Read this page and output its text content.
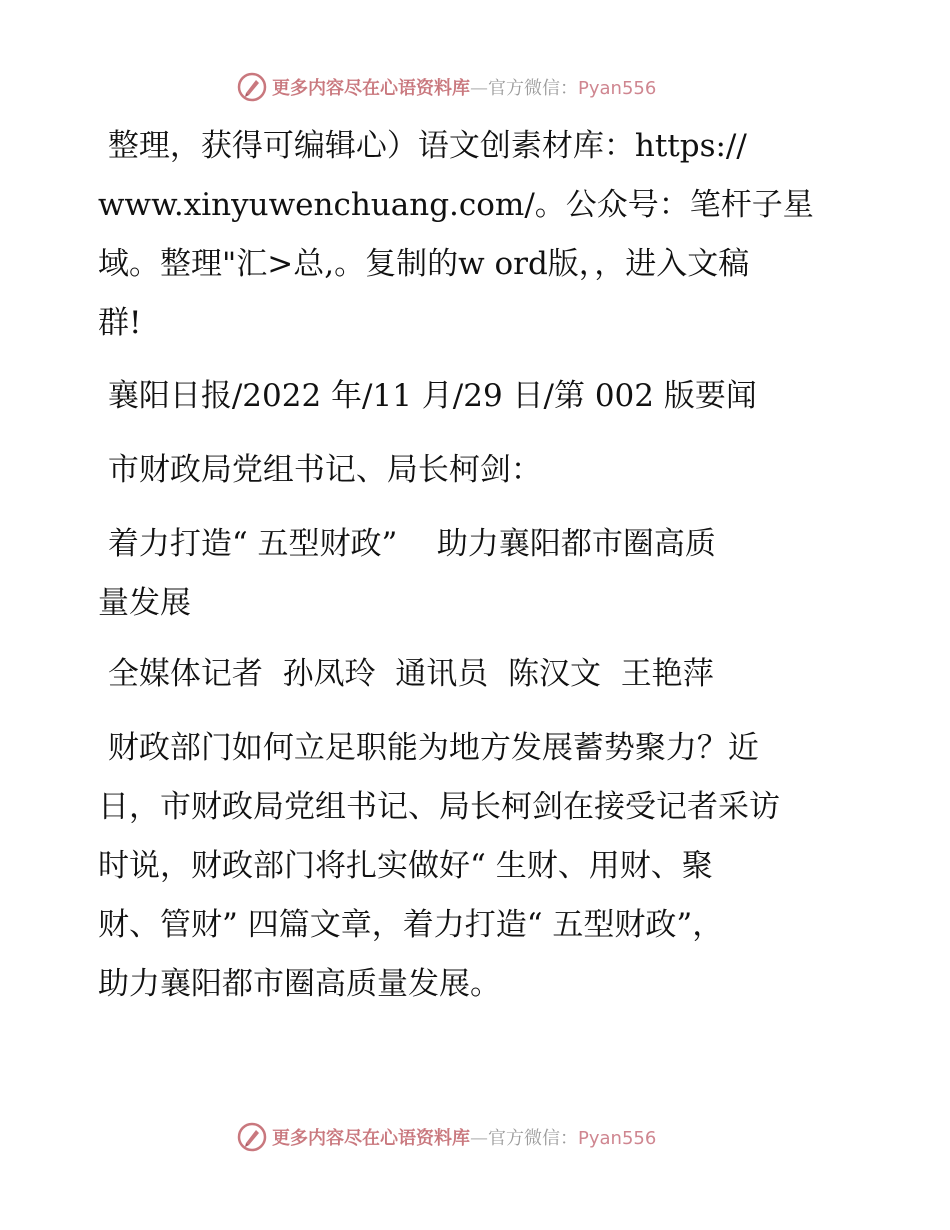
更多内容尽在心语资料库—官方微信：Pyan556

整理，获得可编辑心）语文创素材库：https://
www.xinyuwenchuang.com/。公众号：笔杆子星
域。整理"汇>总,。复制的w ord版，，进入文稿
群!

襄阳日报/2022 年/11 月/29 日/第 002 版要闻

市财政局党组书记、局长柯剑：

着力打造“ 五型财政”    助力襄阳都市圈高质
量发展

全媒体记者  孙凤玲  通讯员  陈汉文  王艳萍

财政部门如何立足职能为地方发展蓄势聚力？近
日，市财政局党组书记、局长柯剑在接受记者采访
时说，财政部门将扎实做好“ 生财、用财、聚
财、管财” 四篇文章，着力打造“ 五型财政”，
助力襄阳都市圈高质量发展。

更多内容尽在心语资料库—官方微信：Pyan556
